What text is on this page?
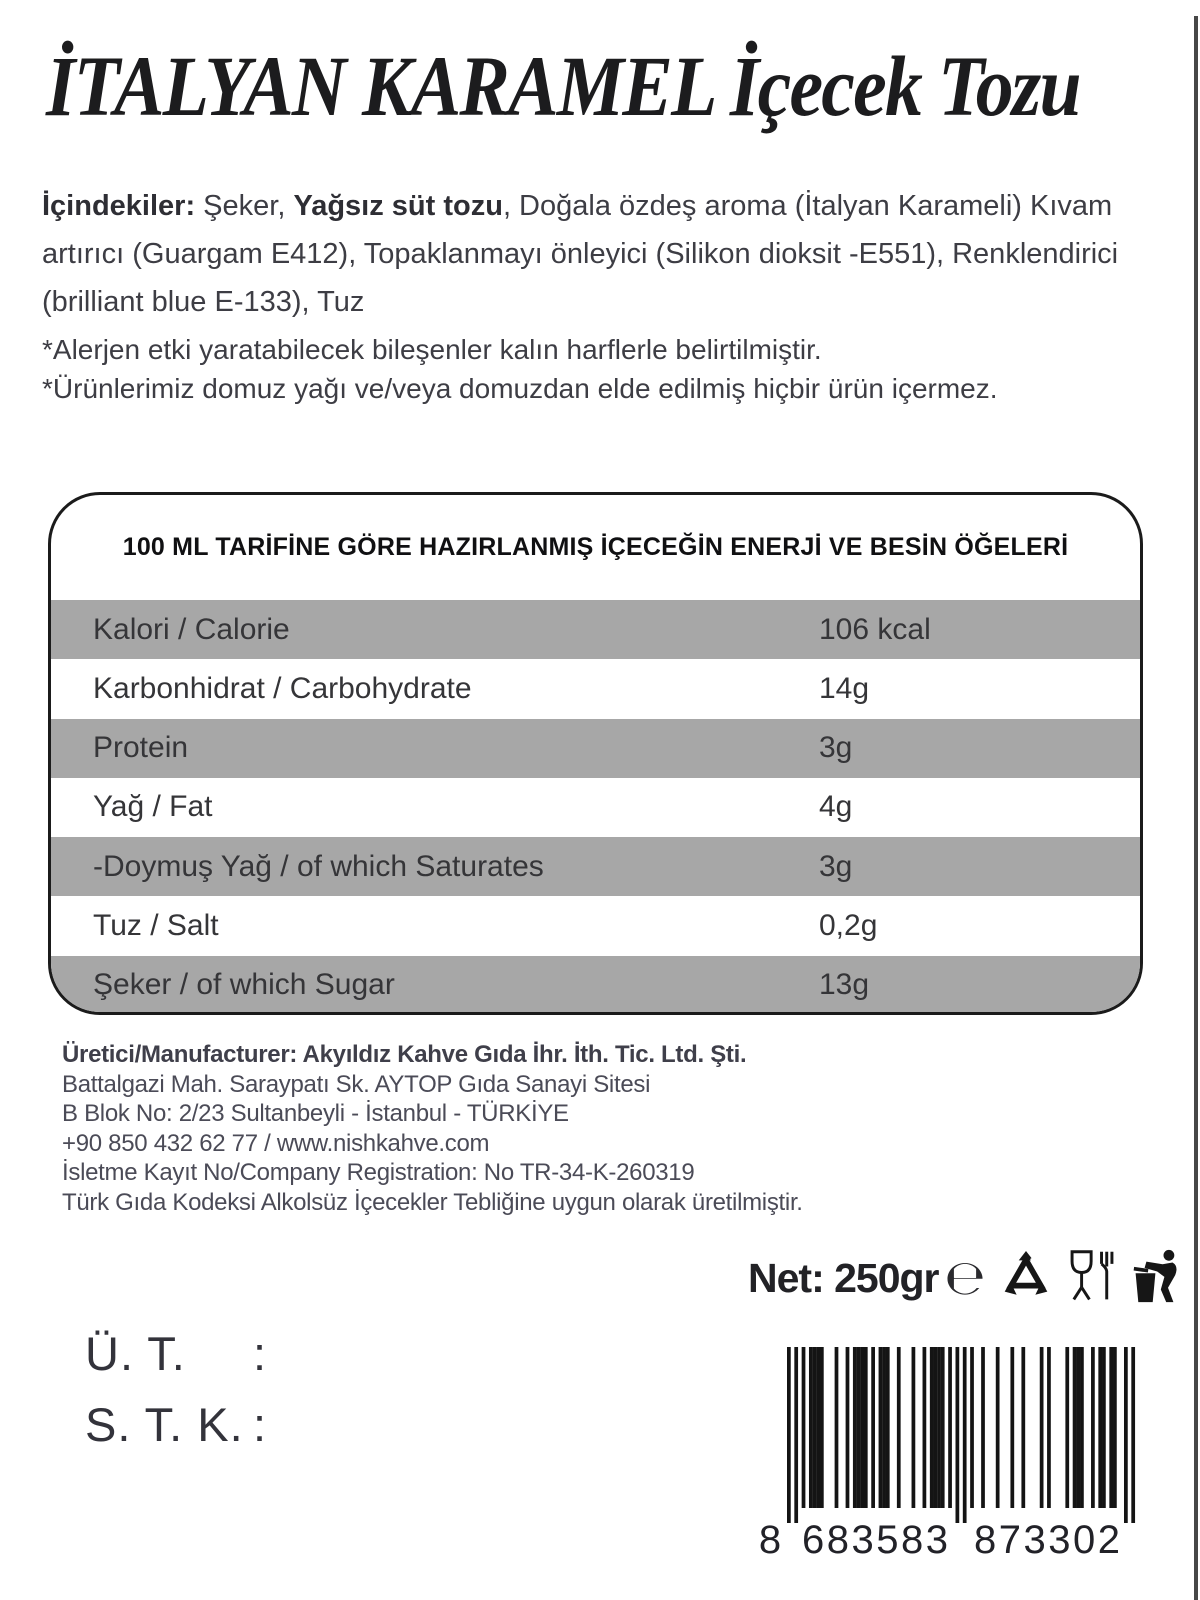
İTALYAN KARAMEL İçecek Tozu

İçindekiler: Şeker, Yağsız süt tozu, Doğala özdeş aroma (İtalyan Karameli) Kıvam artırıcı (Guargam E412), Topaklanmayı önleyici (Silikon dioksit -E551), Renklendirici (brilliant blue E-133), Tuz

*Alerjen etki yaratabilecek bileşenler kalın harflerle belirtilmiştir.
*Ürünlerimiz domuz yağı ve/veya domuzdan elde edilmiş hiçbir ürün içermez.
100 ML TARİFİNE GÖRE HAZIRLANMIŞ İÇECEĞİN ENERJİ VE BESİN ÖĞELERİ
Kalori / Calorie	106 kcal
Karbonhidrat / Carbohydrate	14g
Protein	3g
Yağ / Fat	4g
-Doymuş Yağ / of which Saturates	3g
Tuz / Salt	0,2g
Şeker / of which Sugar	13g
Üretici/Manufacturer: Akyıldız Kahve Gıda İhr. İth. Tic. Ltd. Şti.
Battalgazi Mah. Saraypatı Sk. AYTOP Gıda Sanayi Sitesi
B Blok No: 2/23 Sultanbeyli - İstanbul - TÜRKİYE
+90 850 432 62 77 / www.nishkahve.com
İsletme Kayıt No/Company Registration: No TR-34-K-260319
Türk Gıda Kodeksi Alkolsüz İçecekler Tebliğine uygun olarak üretilmiştir.
Net: 250gr ℮
Ü. T.	:
S. T. K. :
8 683583 873302
